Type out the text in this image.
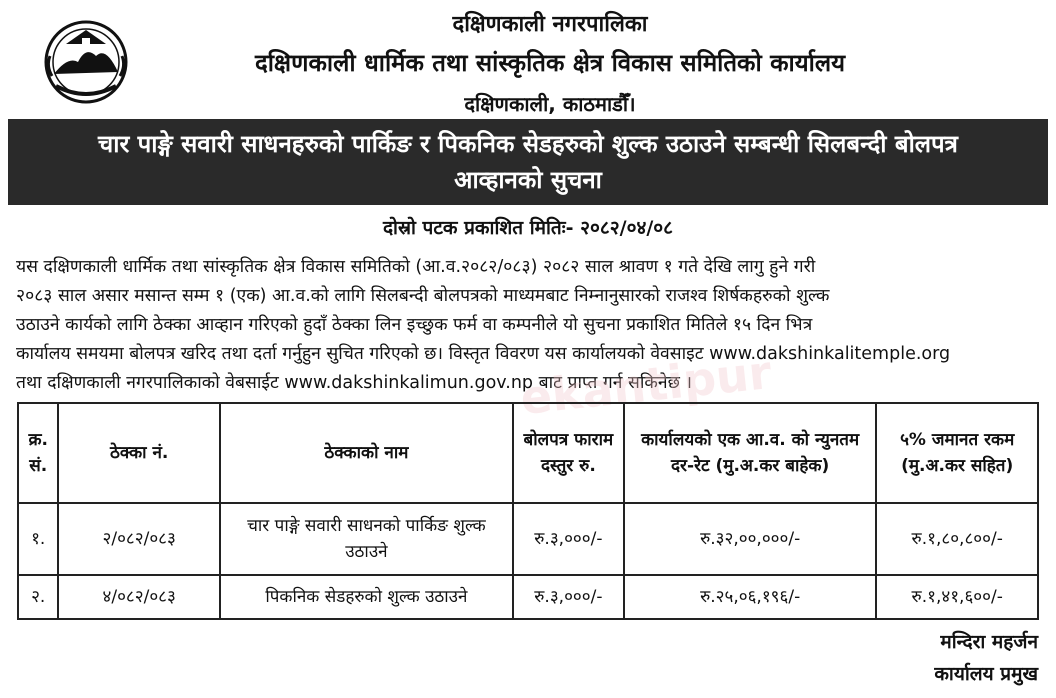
दक्षिणकाली नगरपालिका
दक्षिणकाली धार्मिक तथा सांस्कृतिक क्षेत्र विकास समितिको कार्यालय
दक्षिणकाली, काठमाडौँ।
चार पाङ्गे सवारी साधनहरुको पार्किङ र पिकनिक सेडहरुको शुल्क उठाउने सम्बन्धी सिलबन्दी बोलपत्र
आव्हानको सुचना
दोस्रो पटक प्रकाशित मितिः- २०८२/०४/०८
यस दक्षिणकाली धार्मिक तथा सांस्कृतिक क्षेत्र विकास समितिको (आ.व.२०८२/०८३) २०८२ साल श्रावण १ गते देखि लागु हुने गरी
२०८३ साल असार मसान्त सम्म १ (एक) आ.व.को लागि सिलबन्दी बोलपत्रको माध्यमबाट निम्नानुसारको राजश्व शिर्षकहरुको शुल्क
उठाउने कार्यको लागि ठेक्का आव्हान गरिएको हुदाँ ठेक्का लिन इच्छुक फर्म वा कम्पनीले यो सुचना प्रकाशित मितिले १५ दिन भित्र
कार्यालय समयमा बोलपत्र खरिद तथा दर्ता गर्नुहुन सुचित गरिएको छ। विस्तृत विवरण यस कार्यालयको वेवसाइट www.dakshinkalitemple.org
तथा दक्षिणकाली नगरपालिकाको वेबसाईट www.dakshinkalimun.gov.np बाट प्राप्त गर्न सकिनेछ ।
ekantipur
क्र. सं.	ठेक्का नं.	ठेक्काको नाम	बोलपत्र फाराम दस्तुर रु.	कार्यालयको एक आ.व. को न्युनतम दर-रेट (मु.अ.कर बाहेक)	५% जमानत रकम (मु.अ.कर सहित)
१.	२/०८२/०८३	चार पाङ्गे सवारी साधनको पार्किङ शुल्क उठाउने	रु.३,०००/-	रु.३२,००,०००/-	रु.१,८०,८००/-
२.	४/०८२/०८३	पिकनिक सेडहरुको शुल्क उठाउने	रु.३,०००/-	रु.२५,०६,१९६/-	रु.१,४१,६००/-
मन्दिरा महर्जन
कार्यालय प्रमुख
